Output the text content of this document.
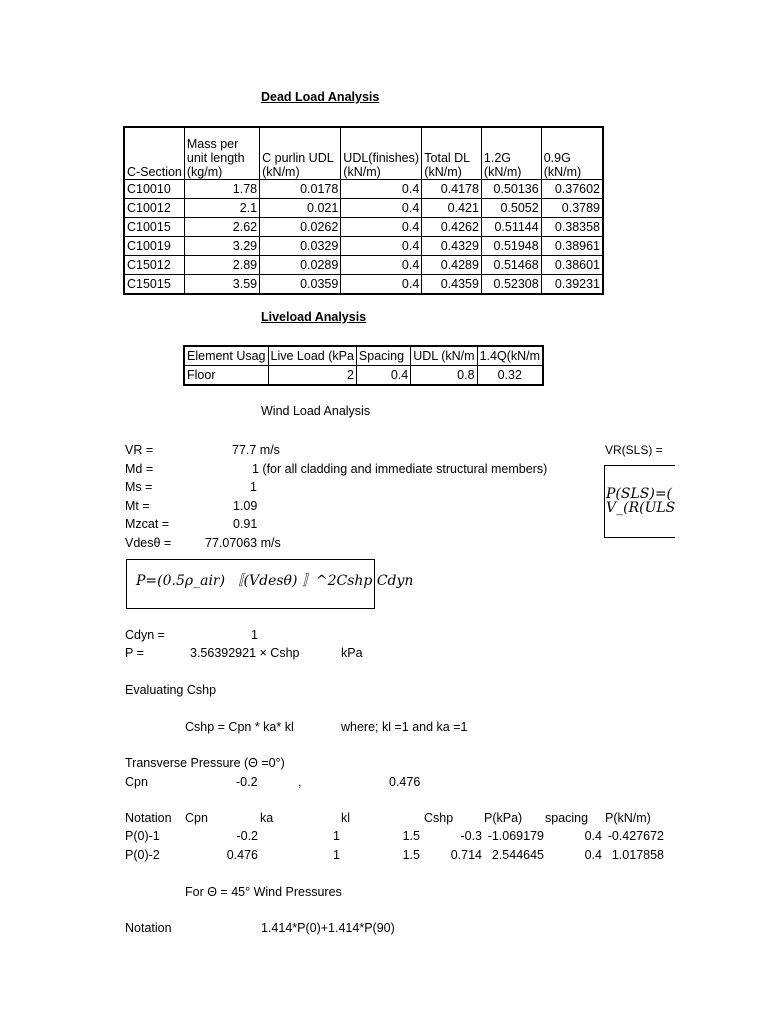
Dead Load Analysis
C-Section	Mass per unit length (kg/m)	C purlin UDL (kN/m)	UDL(finishes) (kN/m)	Total DL (kN/m)	1.2G (kN/m)	0.9G (kN/m)
C10010	1.78	0.0178	0.4	0.4178	0.50136	0.37602
C10012	2.1	0.021	0.4	0.421	0.5052	0.3789
C10015	2.62	0.0262	0.4	0.4262	0.51144	0.38358
C10019	3.29	0.0329	0.4	0.4329	0.51948	0.38961
C15012	2.89	0.0289	0.4	0.4289	0.51468	0.38601
C15015	3.59	0.0359	0.4	0.4359	0.52308	0.39231
Liveload Analysis
Element Usag	Live Load (kPa	Spacing	UDL (kN/m	1.4Q(kN/m
Floor	2	0.4	0.8	0.32
Wind Load Analysis
VR =	77.7 m/s
Md =	1 (for all cladding and immediate structural members)
Ms =	1
Mt =	1.09
Mzcat =	0.91
Vdesθ =	77.07063 m/s
VR(SLS) =
P(SLS)=(
V_(R(ULS
P=(0.5ρ_air) 〚(Vdesθ) 〛^2Cshp Cdyn
Cdyn =	1
P =	3.56392921 × Cshp	kPa
Evaluating Cshp
Cshp = Cpn * ka* kl	where; kl =1 and ka =1
Transverse Pressure (Θ =0°)
Cpn	-0.2	,	0.476
Notation Cpn	ka	kl	Cshp P(kPa) spacing P(kN/m)
P(0)-1	-0.2	1	1.5	-0.3 -1.069179	0.4 -0.427672
P(0)-2	0.476	1	1.5	0.714 2.544645	0.4 1.017858
For Θ = 45° Wind Pressures
Notation	1.414*P(0)+1.414*P(90)
